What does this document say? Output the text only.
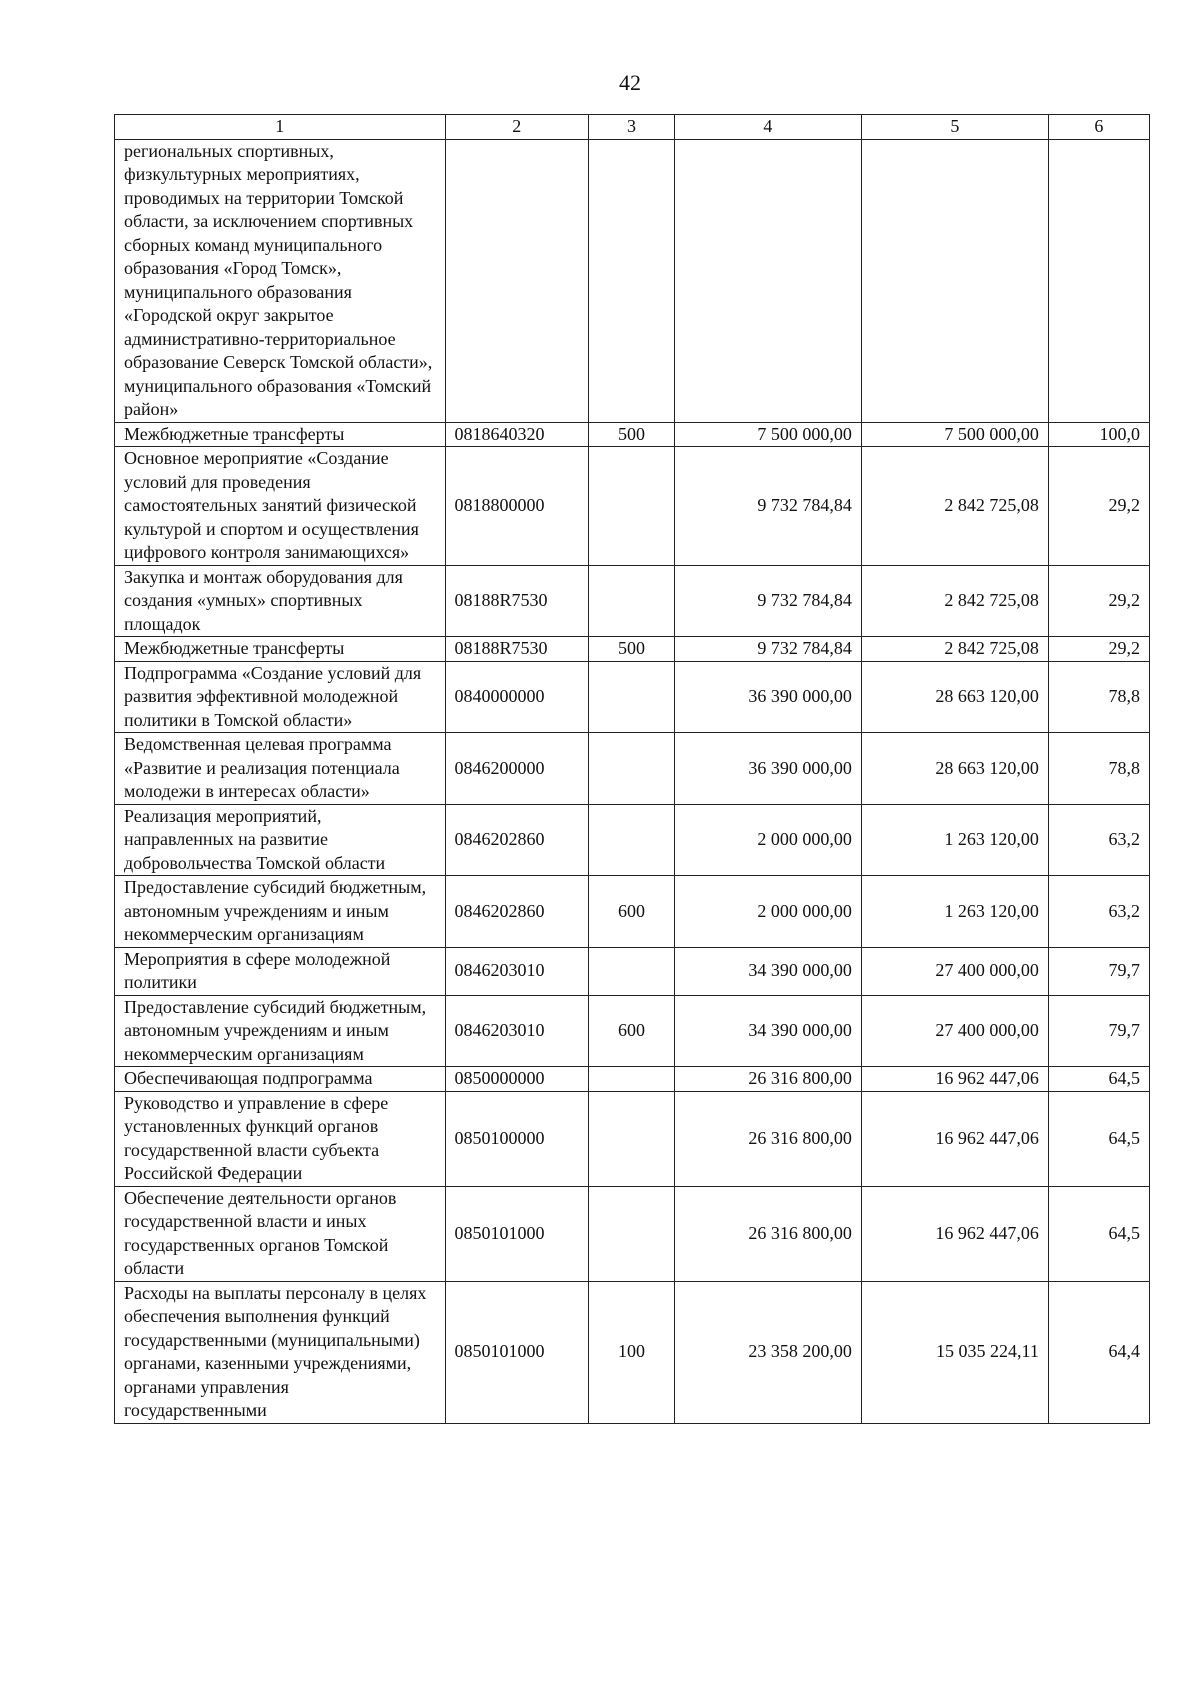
42
1	2	3	4	5	6
региональных спортивных, физкультурных мероприятиях, проводимых на территории Томской области, за исключением спортивных сборных команд муниципального образования «Город Томск», муниципального образования «Городской округ закрытое административно-территориальное образование Северск Томской области», муниципального образования «Томский район»					
Межбюджетные трансферты	0818640320	500	7 500 000,00	7 500 000,00	100,0
Основное мероприятие «Создание условий для проведения самостоятельных занятий физической культурой и спортом и осуществления цифрового контроля занимающихся»	0818800000		9 732 784,84	2 842 725,08	29,2
Закупка и монтаж оборудования для создания «умных» спортивных площадок	08188R7530		9 732 784,84	2 842 725,08	29,2
Межбюджетные трансферты	08188R7530	500	9 732 784,84	2 842 725,08	29,2
Подпрограмма «Создание условий для развития эффективной молодежной политики в Томской области»	0840000000		36 390 000,00	28 663 120,00	78,8
Ведомственная целевая программа «Развитие и реализация потенциала молодежи в интересах области»	0846200000		36 390 000,00	28 663 120,00	78,8
Реализация мероприятий, направленных на развитие добровольчества Томской области	0846202860		2 000 000,00	1 263 120,00	63,2
Предоставление субсидий бюджетным, автономным учреждениям и иным некоммерческим организациям	0846202860	600	2 000 000,00	1 263 120,00	63,2
Мероприятия в сфере молодежной политики	0846203010		34 390 000,00	27 400 000,00	79,7
Предоставление субсидий бюджетным, автономным учреждениям и иным некоммерческим организациям	0846203010	600	34 390 000,00	27 400 000,00	79,7
Обеспечивающая подпрограмма	0850000000		26 316 800,00	16 962 447,06	64,5
Руководство и управление в сфере установленных функций органов государственной власти субъекта Российской Федерации	0850100000		26 316 800,00	16 962 447,06	64,5
Обеспечение деятельности органов государственной власти и иных государственных органов Томской области	0850101000		26 316 800,00	16 962 447,06	64,5
Расходы на выплаты персоналу в целях обеспечения выполнения функций государственными (муниципальными) органами, казенными учреждениями, органами управления государственными	0850101000	100	23 358 200,00	15 035 224,11	64,4
